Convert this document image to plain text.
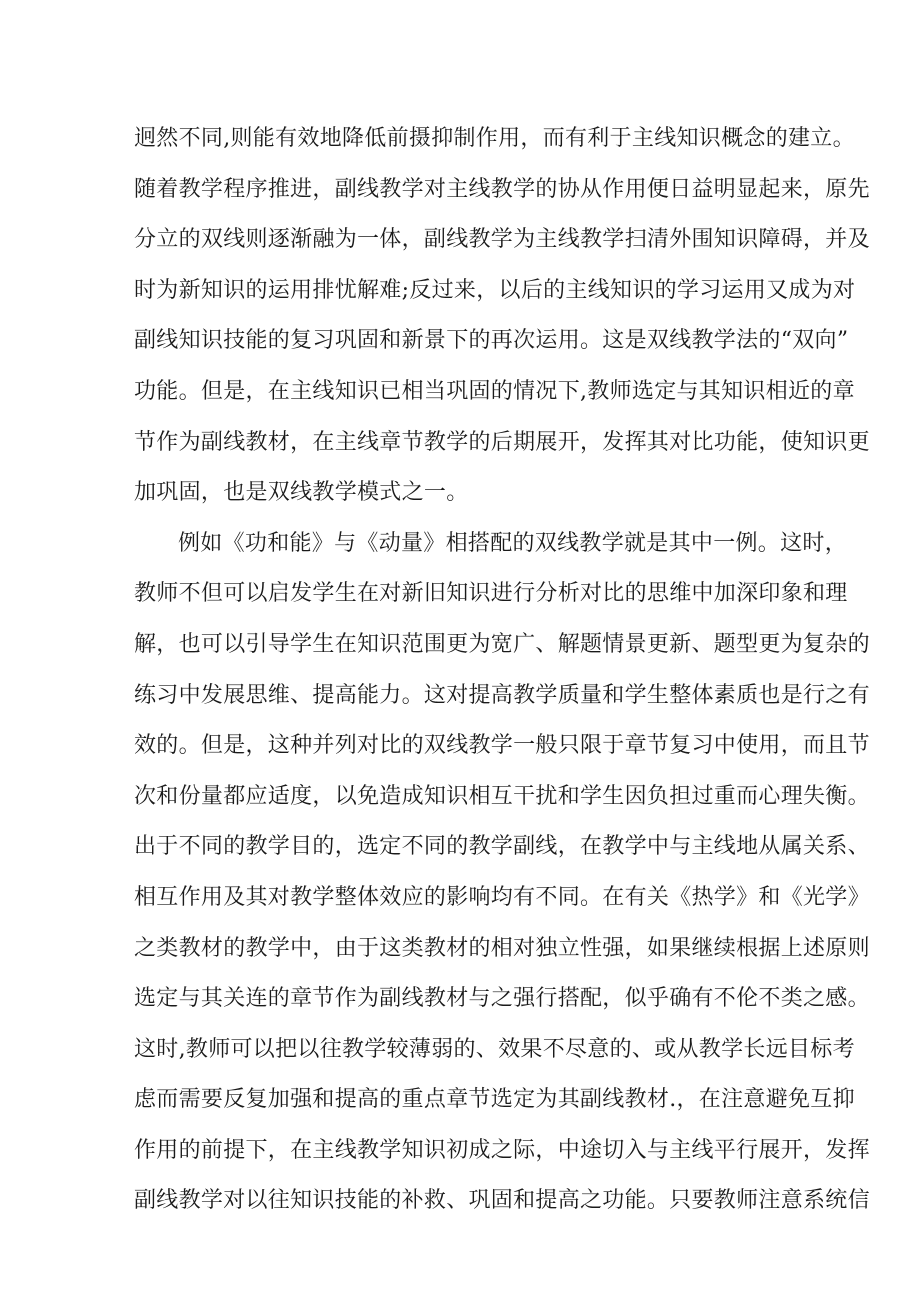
迥然不同,则能有效地降低前摄抑制作用，而有利于主线知识概念的建立。
随着教学程序推进，副线教学对主线教学的协从作用便日益明显起来，原先
分立的双线则逐渐融为一体，副线教学为主线教学扫清外围知识障碍，并及
时为新知识的运用排忧解难;反过来，以后的主线知识的学习运用又成为对
副线知识技能的复习巩固和新景下的再次运用。这是双线教学法的“双向”
功能。但是，在主线知识已相当巩固的情况下,教师选定与其知识相近的章
节作为副线教材，在主线章节教学的后期展开，发挥其对比功能，使知识更
加巩固，也是双线教学模式之一。
例如《功和能》与《动量》相搭配的双线教学就是其中一例。这时，
教师不但可以启发学生在对新旧知识进行分析对比的思维中加深印象和理
解，也可以引导学生在知识范围更为宽广、解题情景更新、题型更为复杂的
练习中发展思维、提高能力。这对提高教学质量和学生整体素质也是行之有
效的。但是，这种并列对比的双线教学一般只限于章节复习中使用，而且节
次和份量都应适度，以免造成知识相互干扰和学生因负担过重而心理失衡。
出于不同的教学目的，选定不同的教学副线，在教学中与主线地从属关系、
相互作用及其对教学整体效应的影响均有不同。在有关《热学》和《光学》
之类教材的教学中，由于这类教材的相对独立性强，如果继续根据上述原则
选定与其关连的章节作为副线教材与之强行搭配，似乎确有不伦不类之感。
这时,教师可以把以往教学较薄弱的、效果不尽意的、或从教学长远目标考
虑而需要反复加强和提高的重点章节选定为其副线教材.，在注意避免互抑
作用的前提下，在主线教学知识初成之际，中途切入与主线平行展开，发挥
副线教学对以往知识技能的补救、巩固和提高之功能。只要教师注意系统信
